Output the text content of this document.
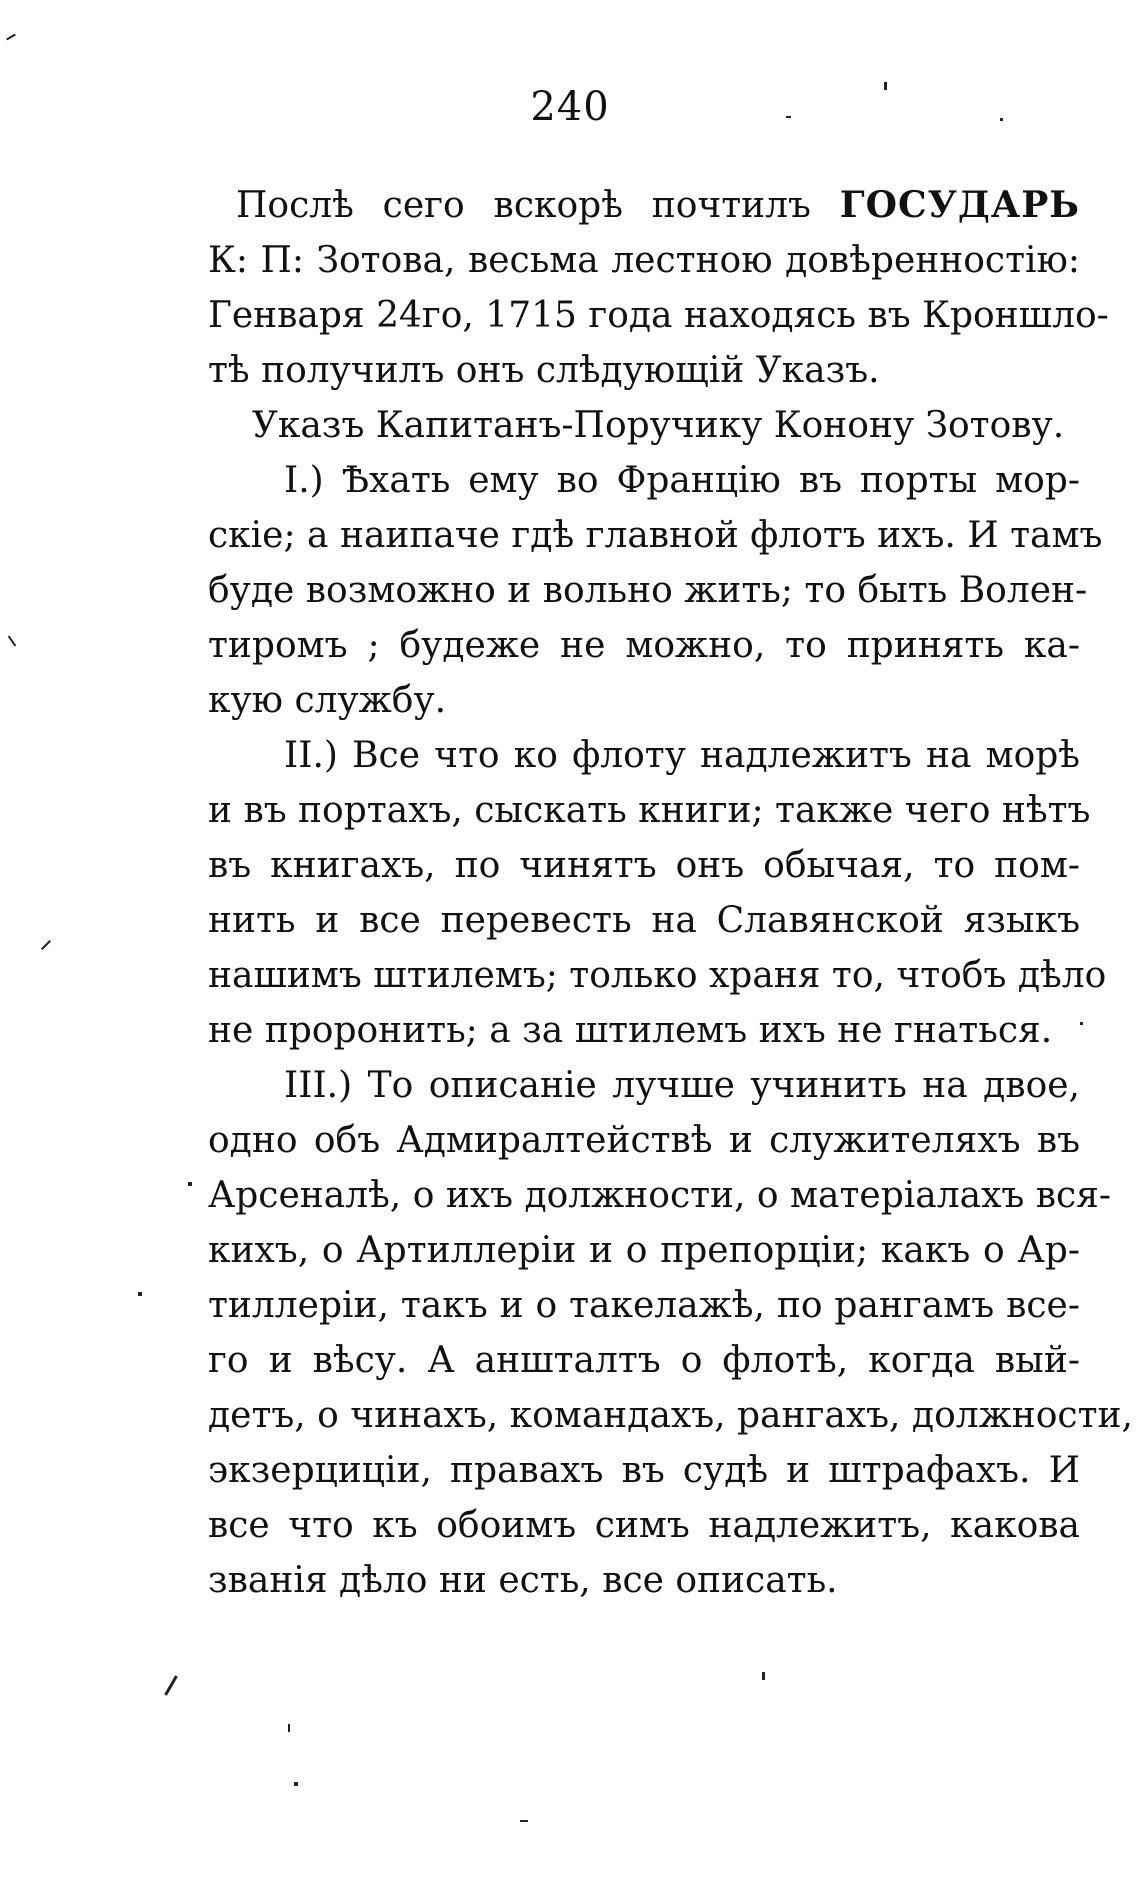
240
Послѣ сего вскорѣ почтилъ ГОСУДАРЬ
К: П: Зотова, весьма лестною довѣренностію:
Генваря 24го, 1715 года находясь въ Кроншло-
тѣ получилъ онъ слѣдующій Указъ.
Указъ Капитанъ-Поручику Конону Зотову.
I.) Ѣхать ему во Францію въ порты мор-
скіе; а наипаче гдѣ главной флотъ ихъ. И тамъ
буде возможно и вольно жить; то быть Волен-
тиромъ ; будеже не можно, то принять ка-
кую службу.
II.) Все что ко флоту надлежитъ на морѣ
и въ портахъ, сыскать книги; также чего нѣтъ
въ книгахъ, по чинятъ онъ обычая, то пом-
нить и все перевесть на Славянской языкъ
нашимъ штилемъ; только храня то, чтобъ дѣло
не проронить; а за штилемъ ихъ не гнаться.
III.) То описаніе лучше учинить на двое,
одно объ Адмиралтействѣ и служителяхъ въ
Арсеналѣ, о ихъ должности, о матеріалахъ вся-
кихъ, о Артиллеріи и о препорціи; какъ о Ар-
тиллеріи, такъ и о такелажѣ, по рангамъ все-
го и вѣсу. А аншталтъ о флотѣ, когда вый-
детъ, о чинахъ, командахъ, рангахъ, должности,
экзерциціи, правахъ въ судѣ и штрафахъ. И
все что къ обоимъ симъ надлежитъ, какова
званія дѣло ни есть, все описать.
